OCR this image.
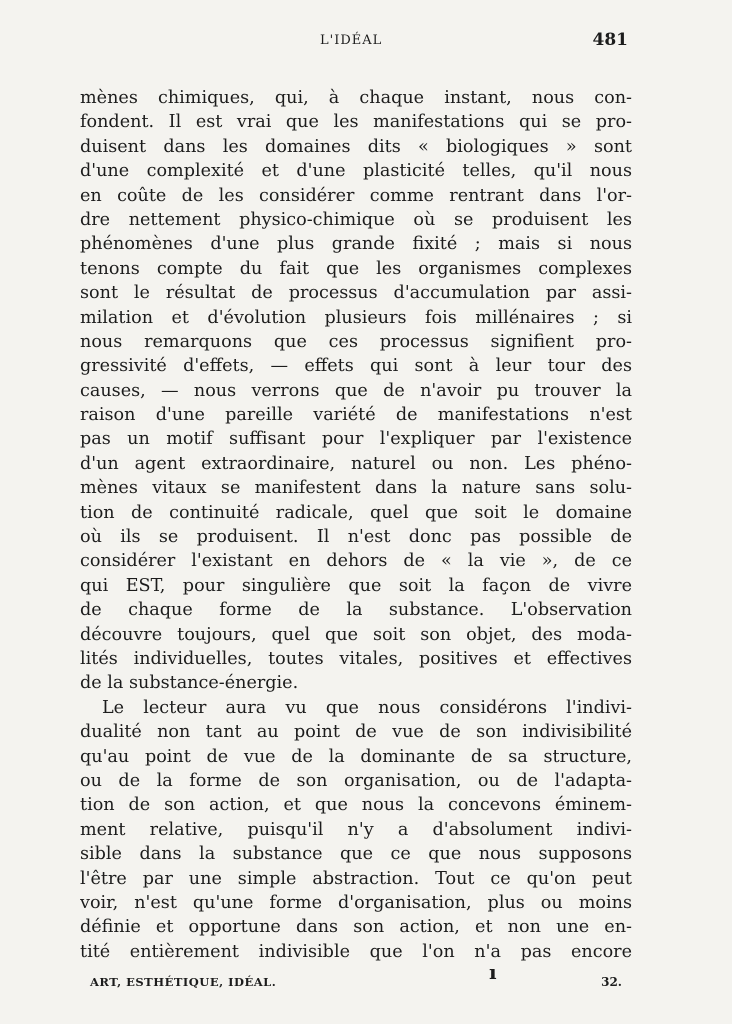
L'IDÉAL	481
mènes chimiques, qui, à chaque instant, nous con-
fondent. Il est vrai que les manifestations qui se pro-
duisent dans les domaines dits « biologiques » sont
d'une complexité et d'une plasticité telles, qu'il nous
en coûte de les considérer comme rentrant dans l'or-
dre nettement physico-chimique où se produisent les
phénomènes d'une plus grande fixité ; mais si nous
tenons compte du fait que les organismes complexes
sont le résultat de processus d'accumulation par assi-
milation et d'évolution plusieurs fois millénaires ; si
nous remarquons que ces processus signifient pro-
gressivité d'effets, — effets qui sont à leur tour des
causes, — nous verrons que de n'avoir pu trouver la
raison d'une pareille variété de manifestations n'est
pas un motif suffisant pour l'expliquer par l'existence
d'un agent extraordinaire, naturel ou non. Les phéno-
mènes vitaux se manifestent dans la nature sans solu-
tion de continuité radicale, quel que soit le domaine
où ils se produisent. Il n'est donc pas possible de
considérer l'existant en dehors de « la vie », de ce
qui EST, pour singulière que soit la façon de vivre
de chaque forme de la substance. L'observation
découvre toujours, quel que soit son objet, des moda-
lités individuelles, toutes vitales, positives et effectives
de la substance-énergie.
Le lecteur aura vu que nous considérons l'indivi-
dualité non tant au point de vue de son indivisibilité
qu'au point de vue de la dominante de sa structure,
ou de la forme de son organisation, ou de l'adapta-
tion de son action, et que nous la concevons éminem-
ment relative, puisqu'il n'y a d'absolument indivi-
sible dans la substance que ce que nous supposons
l'être par une simple abstraction. Tout ce qu'on peut
voir, n'est qu'une forme d'organisation, plus ou moins
définie et opportune dans son action, et non une en-
tité entièrement indivisible que l'on n'a pas encore
ART, ESTHÉTIQUE, IDÉAL.	ı	32.
